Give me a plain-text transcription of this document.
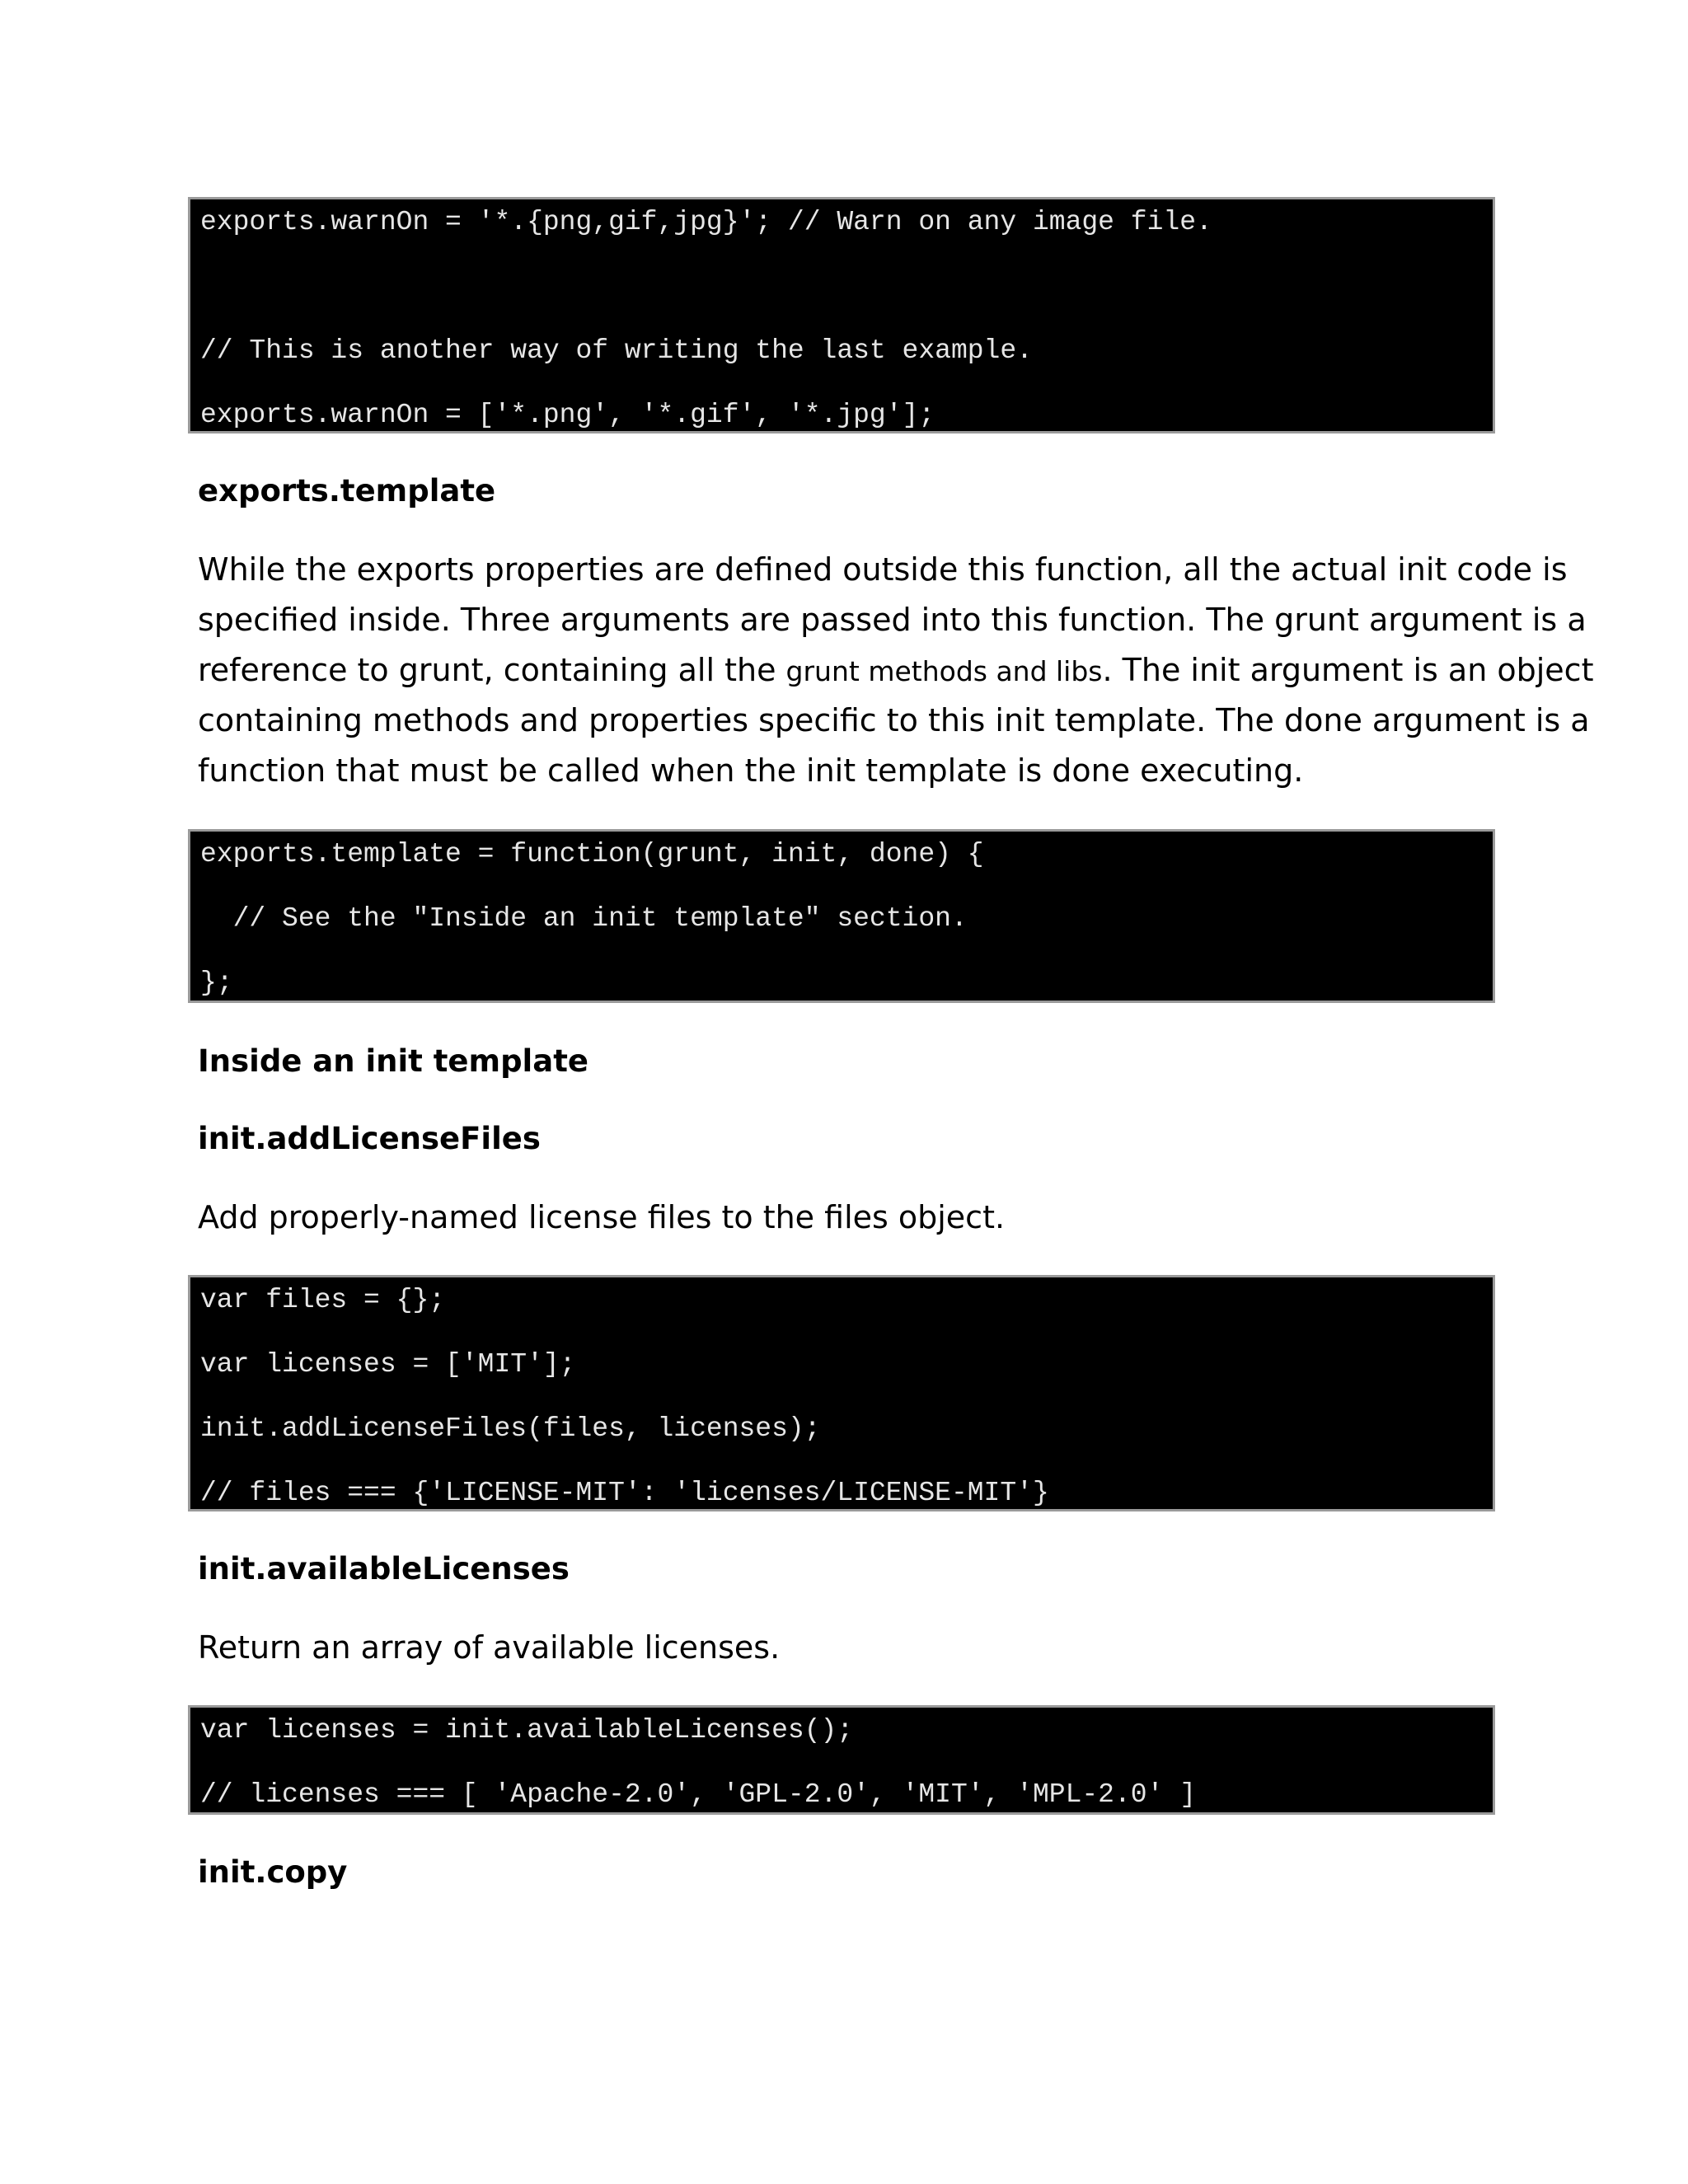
exports.warnOn = '*.{png,gif,jpg}'; // Warn on any image file.
// This is another way of writing the last example.
exports.warnOn = ['*.png', '*.gif', '*.jpg'];
exports.template
While the exports properties are defined outside this function, all the actual init code is
specified inside. Three arguments are passed into this function. The grunt argument is a
reference to grunt, containing all the grunt methods and libs. The init argument is an object
containing methods and properties specific to this init template. The done argument is a
function that must be called when the init template is done executing.
exports.template = function(grunt, init, done) {
// See the "Inside an init template" section.
};
Inside an init template
init.addLicenseFiles
Add properly-named license files to the files object.
var files = {};
var licenses = ['MIT'];
init.addLicenseFiles(files, licenses);
// files === {'LICENSE-MIT': 'licenses/LICENSE-MIT'}
init.availableLicenses
Return an array of available licenses.
var licenses = init.availableLicenses();
// licenses === [ 'Apache-2.0', 'GPL-2.0', 'MIT', 'MPL-2.0' ]
init.copy
